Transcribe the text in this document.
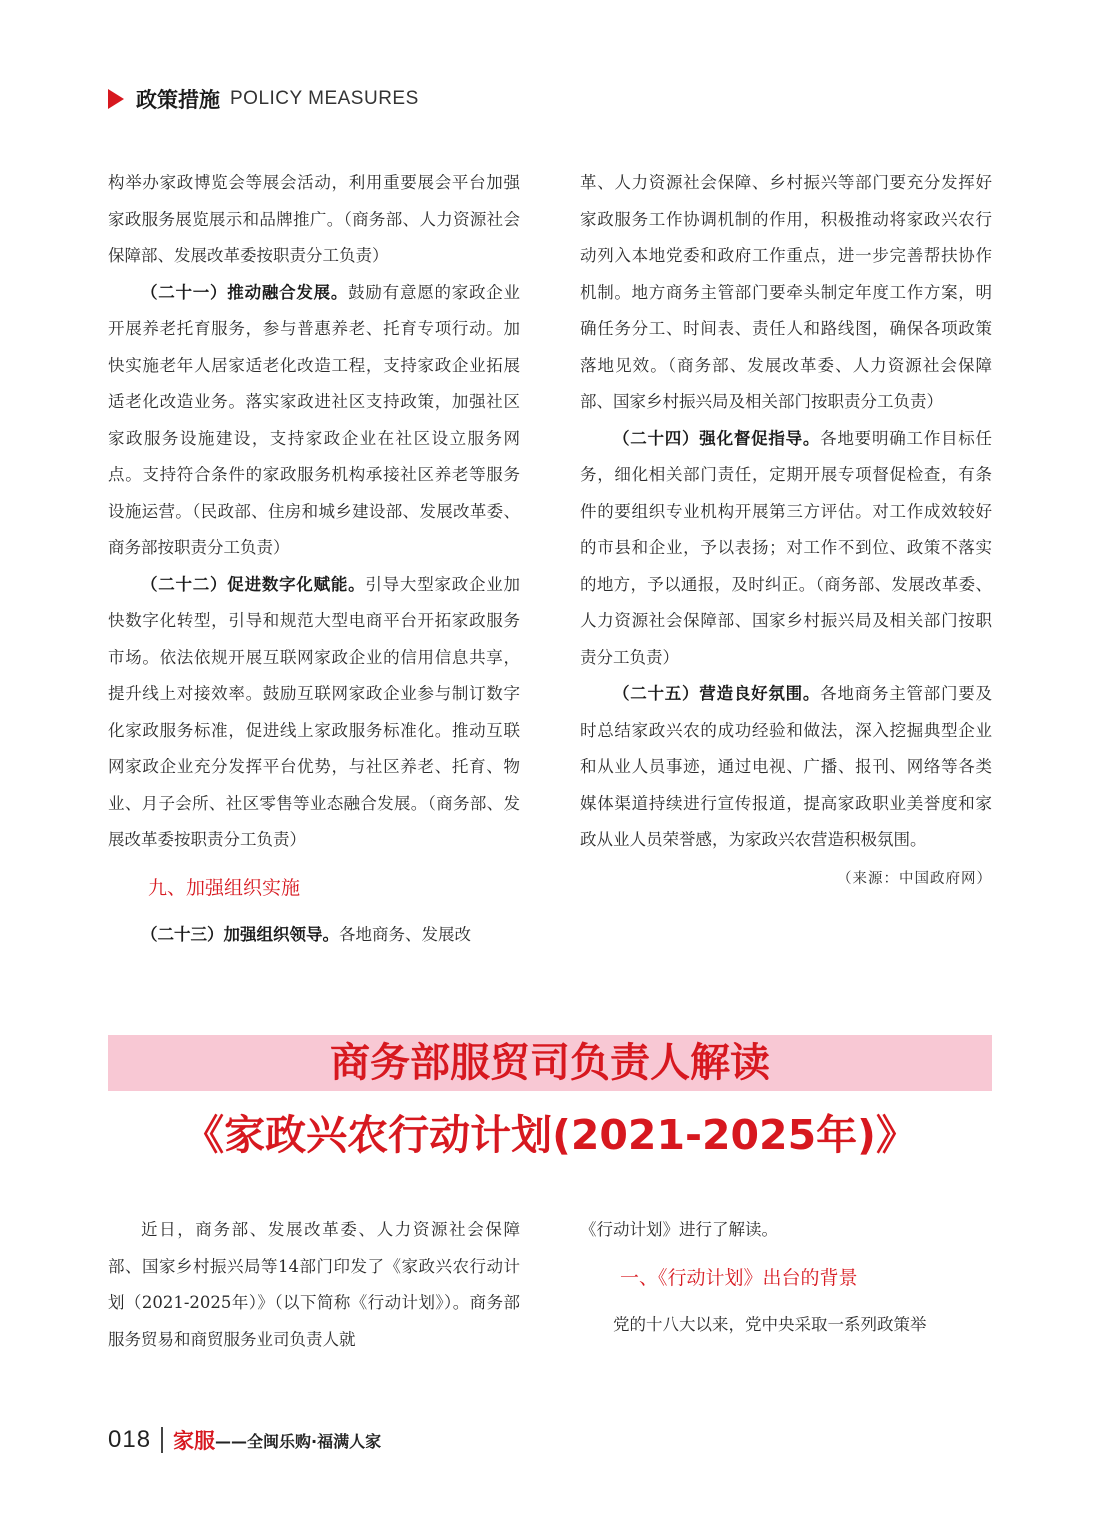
政策措施 POLICY MEASURES

构举办家政博览会等展会活动，利用重要展会平台加强家政服务展览展示和品牌推广。（商务部、人力资源社会保障部、发展改革委按职责分工负责）

（二十一）推动融合发展。鼓励有意愿的家政企业开展养老托育服务，参与普惠养老、托育专项行动。加快实施老年人居家适老化改造工程，支持家政企业拓展适老化改造业务。落实家政进社区支持政策，加强社区家政服务设施建设，支持家政企业在社区设立服务网点。支持符合条件的家政服务机构承接社区养老等服务设施运营。（民政部、住房和城乡建设部、发展改革委、商务部按职责分工负责）

（二十二）促进数字化赋能。引导大型家政企业加快数字化转型，引导和规范大型电商平台开拓家政服务市场。依法依规开展互联网家政企业的信用信息共享，提升线上对接效率。鼓励互联网家政企业参与制订数字化家政服务标准，促进线上家政服务标准化。推动互联网家政企业充分发挥平台优势，与社区养老、托育、物业、月子会所、社区零售等业态融合发展。（商务部、发展改革委按职责分工负责）

九、加强组织实施

（二十三）加强组织领导。各地商务、发展改

革、人力资源社会保障、乡村振兴等部门要充分发挥好家政服务工作协调机制的作用，积极推动将家政兴农行动列入本地党委和政府工作重点，进一步完善帮扶协作机制。地方商务主管部门要牵头制定年度工作方案，明确任务分工、时间表、责任人和路线图，确保各项政策落地见效。（商务部、发展改革委、人力资源社会保障部、国家乡村振兴局及相关部门按职责分工负责）

（二十四）强化督促指导。各地要明确工作目标任务，细化相关部门责任，定期开展专项督促检查，有条件的要组织专业机构开展第三方评估。对工作成效较好的市县和企业，予以表扬；对工作不到位、政策不落实的地方，予以通报，及时纠正。（商务部、发展改革委、人力资源社会保障部、国家乡村振兴局及相关部门按职责分工负责）

（二十五）营造良好氛围。各地商务主管部门要及时总结家政兴农的成功经验和做法，深入挖掘典型企业和从业人员事迹，通过电视、广播、报刊、网络等各类媒体渠道持续进行宣传报道，提高家政职业美誉度和家政从业人员荣誉感，为家政兴农营造积极氛围。

（来源：中国政府网）

商务部服贸司负责人解读
《家政兴农行动计划(2021-2025年)》

近日，商务部、发展改革委、人力资源社会保障部、国家乡村振兴局等14部门印发了《家政兴农行动计划（2021-2025年）》（以下简称《行动计划》）。商务部服务贸易和商贸服务业司负责人就

《行动计划》进行了解读。

一、《行动计划》出台的背景

党的十八大以来，党中央采取一系列政策举

018 家服 ——全闽乐购·福满人家
